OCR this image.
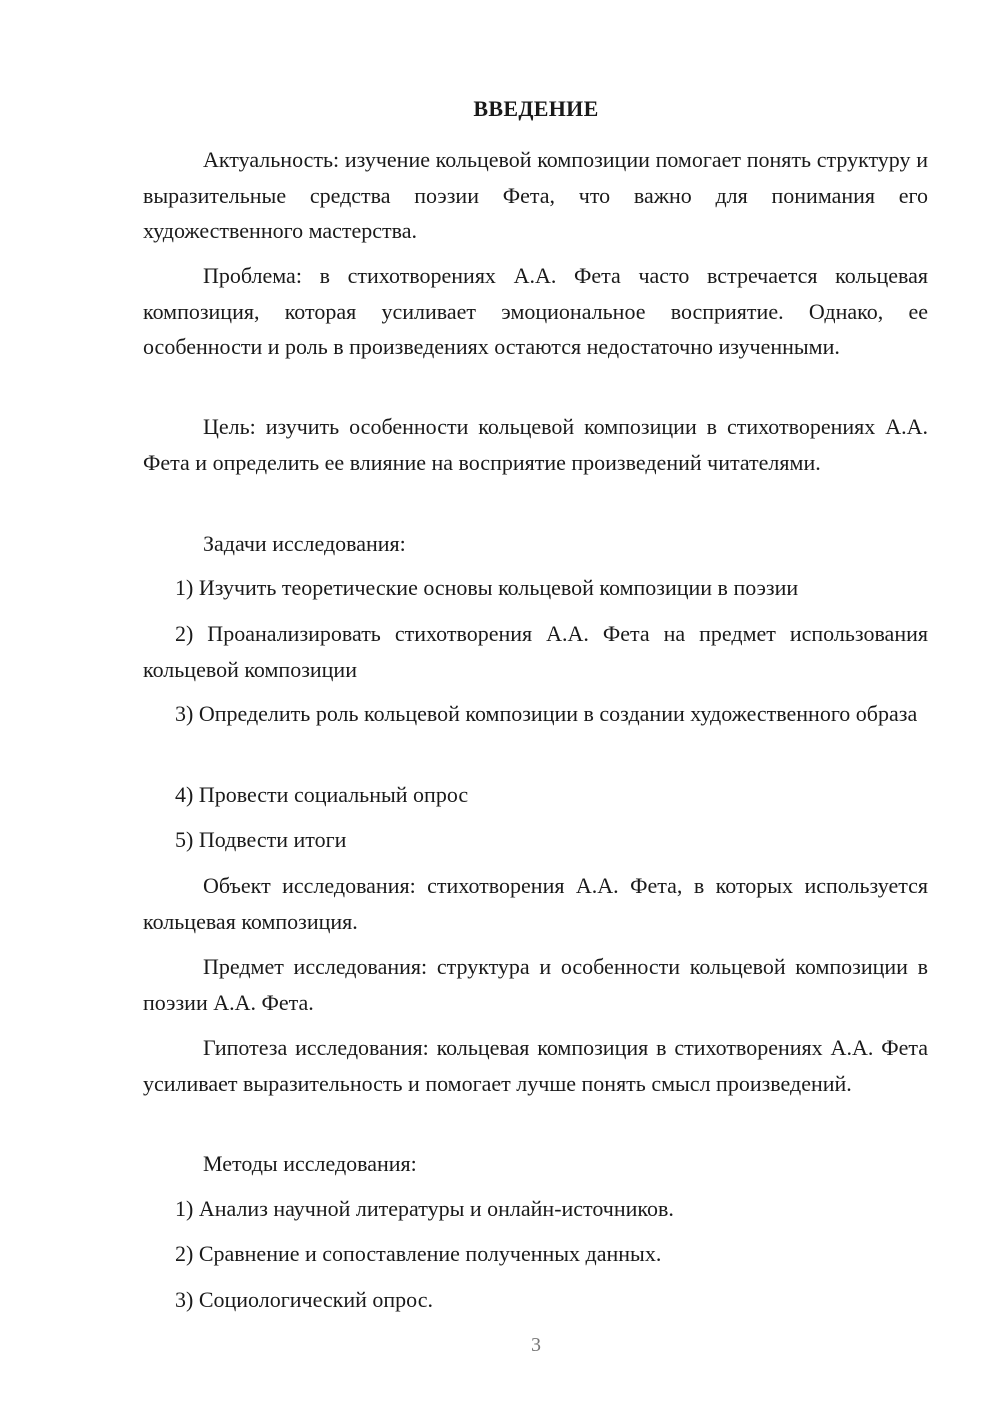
ВВЕДЕНИЕ
Актуальность: изучение кольцевой композиции помогает понять структуру и выразительные средства поэзии Фета, что важно для понимания его художественного мастерства.
Проблема: в стихотворениях А.А. Фета часто встречается кольцевая композиция, которая усиливает эмоциональное восприятие. Однако, ее особенности и роль в произведениях остаются недостаточно изученными.
Цель: изучить особенности кольцевой композиции в стихотворениях А.А. Фета и определить ее влияние на восприятие произведений читателями.
Задачи исследования:
1) Изучить теоретические основы кольцевой композиции в поэзии
2) Проанализировать стихотворения А.А. Фета на предмет использования кольцевой композиции
3) Определить роль кольцевой композиции в создании художественного образа
4) Провести социальный опрос
5) Подвести итоги
Объект исследования: стихотворения А.А. Фета, в которых используется кольцевая композиция.
Предмет исследования: структура и особенности кольцевой композиции в поэзии А.А. Фета.
Гипотеза исследования: кольцевая композиция в стихотворениях А.А. Фета усиливает выразительность и помогает лучше понять смысл произведений.
Методы исследования:
1) Анализ научной литературы и онлайн-источников.
2) Сравнение и сопоставление полученных данных.
3) Социологический опрос.
3
